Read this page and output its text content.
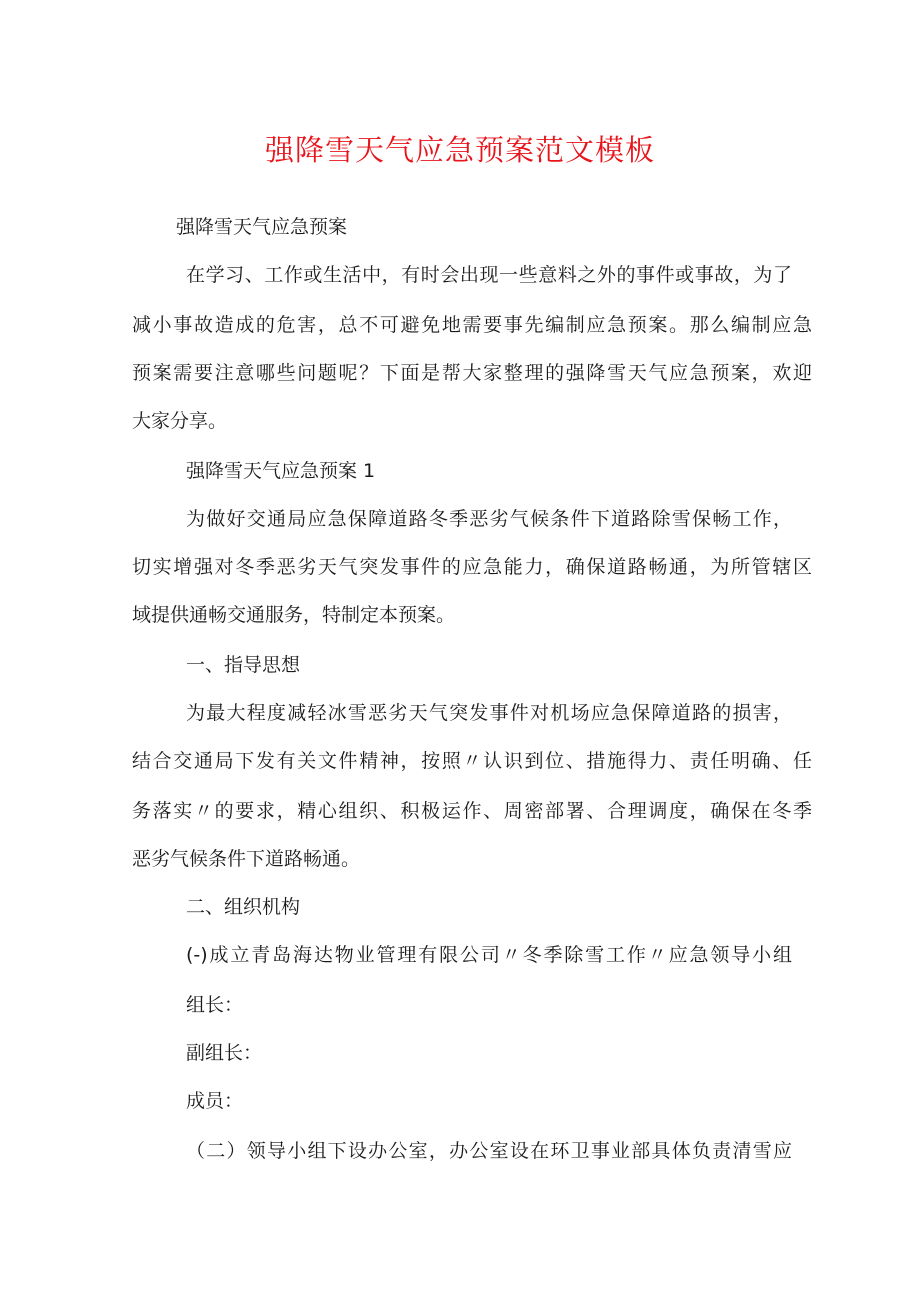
强降雪天气应急预案范文模板
强降雪天气应急预案
在学习、工作或生活中，有时会出现一些意料之外的事件或事故，为了
减小事故造成的危害，总不可避免地需要事先编制应急预案。那么编制应急
预案需要注意哪些问题呢？下面是帮大家整理的强降雪天气应急预案，欢迎
大家分享。
强降雪天气应急预案 1
为做好交通局应急保障道路冬季恶劣气候条件下道路除雪保畅工作，
切实增强对冬季恶劣天气突发事件的应急能力，确保道路畅通，为所管辖区
域提供通畅交通服务，特制定本预案。
一、指导思想
为最大程度减轻冰雪恶劣天气突发事件对机场应急保障道路的损害，
结合交通局下发有关文件精神，按照〃认识到位、措施得力、责任明确、任
务落实〃的要求，精心组织、积极运作、周密部署、合理调度，确保在冬季
恶劣气候条件下道路畅通。
二、组织机构
(-)成立青岛海达物业管理有限公司〃冬季除雪工作〃应急领导小组
组长：
副组长：
成员：
（二）领导小组下设办公室，办公室设在环卫事业部具体负责清雪应
